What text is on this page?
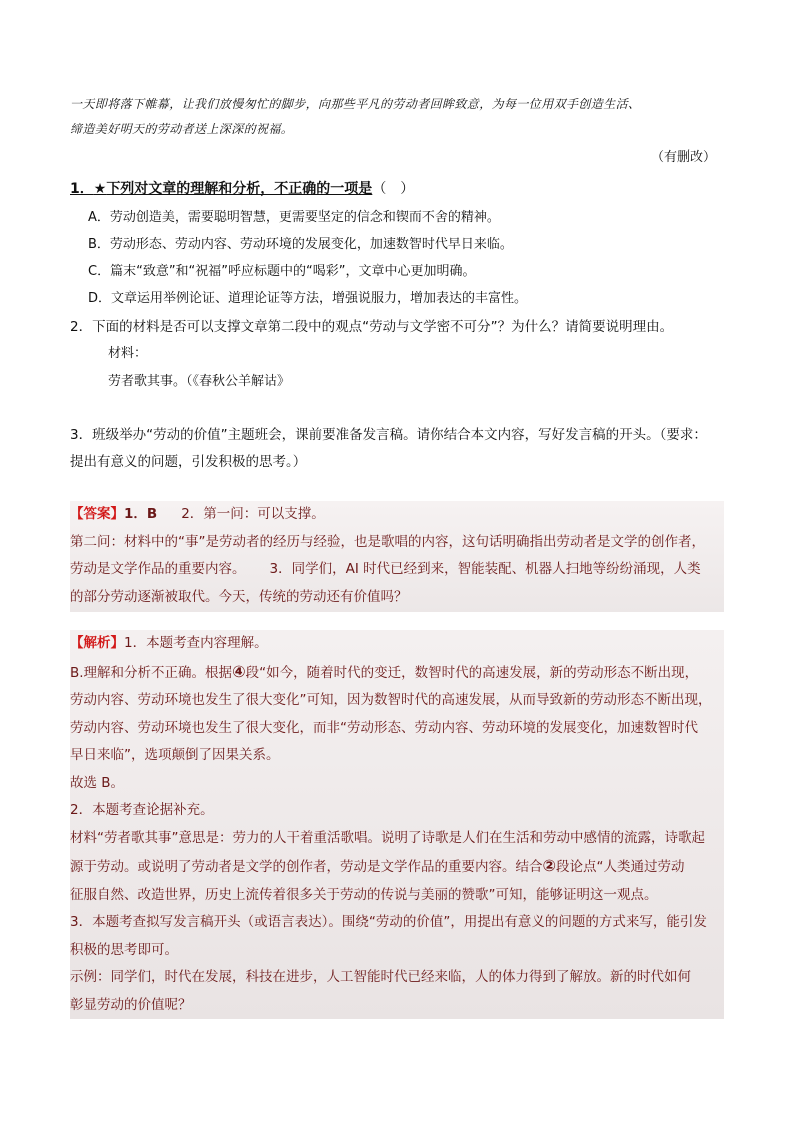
一天即将落下帷幕，让我们放慢匆忙的脚步，向那些平凡的劳动者回眸致意，为每一位用双手创造生活、
缔造美好明天的劳动者送上深深的祝福。

（有删改）
1．★下列对文章的理解和分析，不正确的一项是（　）
A．劳动创造美，需要聪明智慧，更需要坚定的信念和锲而不舍的精神。
B．劳动形态、劳动内容、劳动环境的发展变化，加速数智时代早日来临。
C．篇末“致意”和“祝福”呼应标题中的“喝彩”，文章中心更加明确。
D．文章运用举例论证、道理论证等方法，增强说服力，增加表达的丰富性。
2．下面的材料是否可以支撑文章第二段中的观点“劳动与文学密不可分”？为什么？请简要说明理由。
材料：
劳者歌其事。（《春秋公羊解诂》
3．班级举办“劳动的价值”主题班会，课前要准备发言稿。请你结合本文内容，写好发言稿的开头。（要求：
提出有意义的问题，引发积极的思考。）

【答案】1．B 2．第一问：可以支撑。

第二问：材料中的“事”是劳动者的经历与经验，也是歌唱的内容，这句话明确指出劳动者是文学的创作者，

劳动是文学作品的重要内容。 3．同学们，AI 时代已经到来，智能装配、机器人扫地等纷纷涌现，人类

的部分劳动逐渐被取代。今天，传统的劳动还有价值吗？

【解析】1．本题考查内容理解。

B.理解和分析不正确。根据④段“如今，随着时代的变迁，数智时代的高速发展，新的劳动形态不断出现，

劳动内容、劳动环境也发生了很大变化”可知，因为数智时代的高速发展，从而导致新的劳动形态不断出现，

劳动内容、劳动环境也发生了很大变化，而非“劳动形态、劳动内容、劳动环境的发展变化，加速数智时代

早日来临”，选项颠倒了因果关系。

故选 B。

2．本题考查论据补充。

材料“劳者歌其事”意思是：劳力的人干着重活歌唱。说明了诗歌是人们在生活和劳动中感情的流露，诗歌起

源于劳动。或说明了劳动者是文学的创作者，劳动是文学作品的重要内容。结合②段论点“人类通过劳动

征服自然、改造世界，历史上流传着很多关于劳动的传说与美丽的赞歌”可知，能够证明这一观点。

3．本题考查拟写发言稿开头（或语言表达）。围绕“劳动的价值”，用提出有意义的问题的方式来写，能引发

积极的思考即可。

示例：同学们，时代在发展，科技在进步，人工智能时代已经来临，人的体力得到了解放。新的时代如何

彰显劳动的价值呢？
